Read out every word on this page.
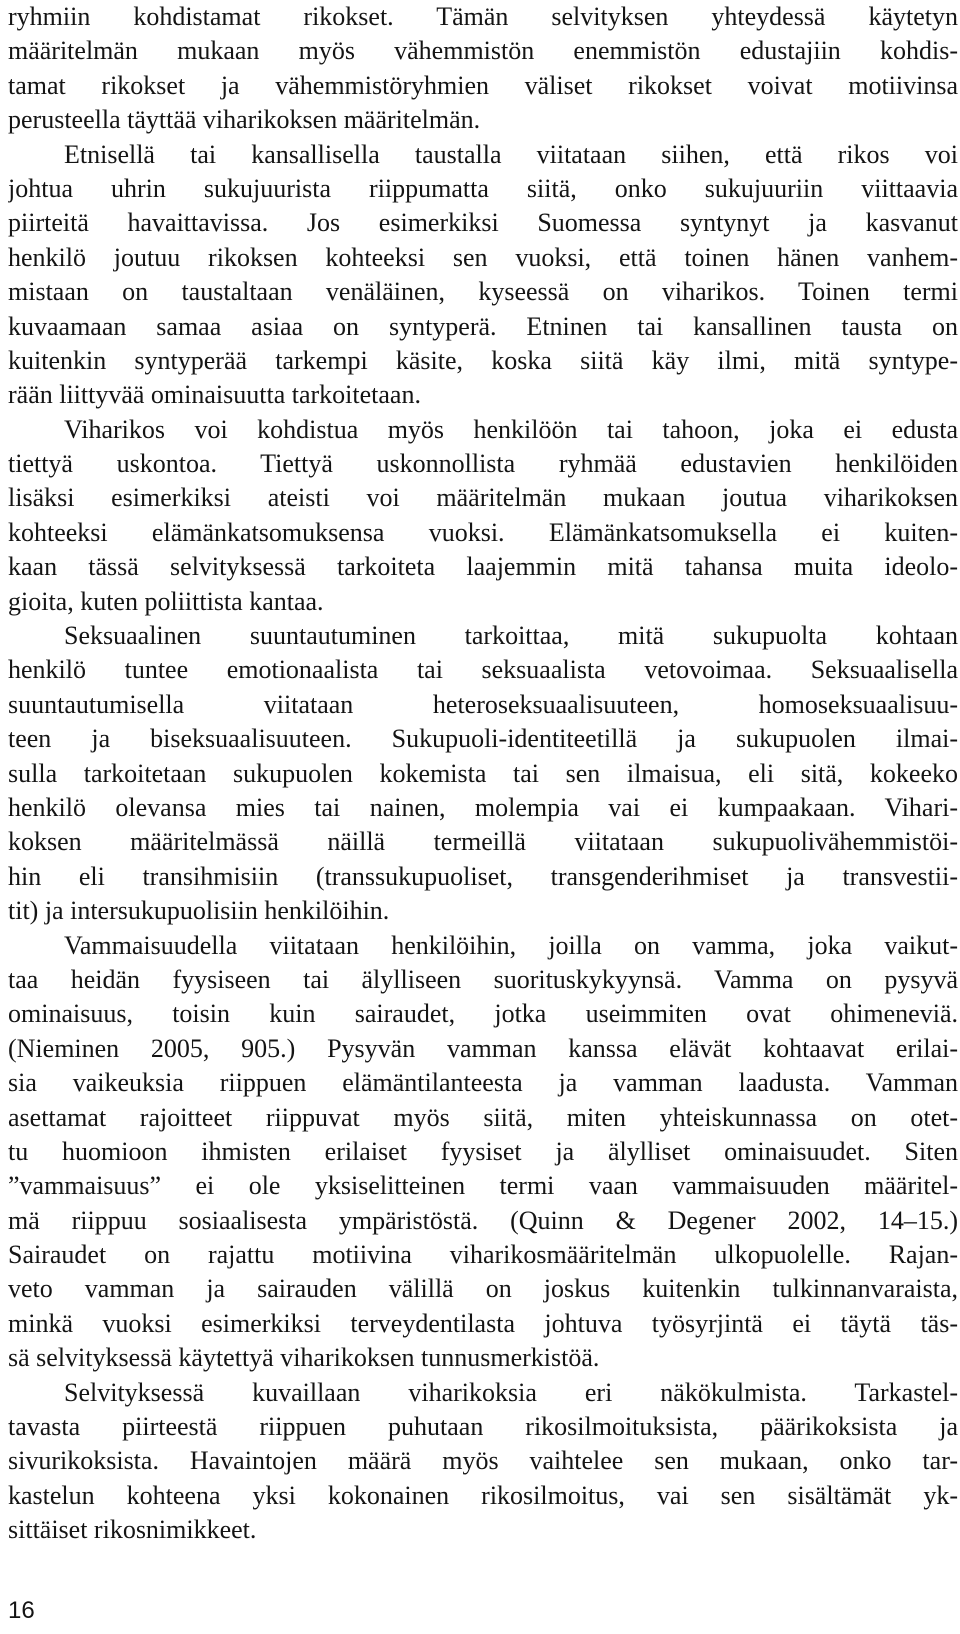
ryhmiin kohdistamat rikokset. Tämän selvityksen yhteydessä käytetyn
määritelmän mukaan myös vähemmistön enemmistön edustajiin kohdis-
tamat rikokset ja vähemmistöryhmien väliset rikokset voivat motiivinsa
perusteella täyttää viharikoksen määritelmän.
Etnisellä tai kansallisella taustalla viitataan siihen, että rikos voi
johtua uhrin sukujuurista riippumatta siitä, onko sukujuuriin viittaavia
piirteitä havaittavissa. Jos esimerkiksi Suomessa syntynyt ja kasvanut
henkilö joutuu rikoksen kohteeksi sen vuoksi, että toinen hänen vanhem-
mistaan on taustaltaan venäläinen, kyseessä on viharikos. Toinen termi
kuvaamaan samaa asiaa on syntyperä. Etninen tai kansallinen tausta on
kuitenkin syntyperää tarkempi käsite, koska siitä käy ilmi, mitä syntype-
rään liittyvää ominaisuutta tarkoitetaan.
Viharikos voi kohdistua myös henkilöön tai tahoon, joka ei edusta
tiettyä uskontoa. Tiettyä uskonnollista ryhmää edustavien henkilöiden
lisäksi esimerkiksi ateisti voi määritelmän mukaan joutua viharikoksen
kohteeksi elämänkatsomuksensa vuoksi. Elämänkatsomuksella ei kuiten-
kaan tässä selvityksessä tarkoiteta laajemmin mitä tahansa muita ideolo-
gioita, kuten poliittista kantaa.
Seksuaalinen suuntautuminen tarkoittaa, mitä sukupuolta kohtaan
henkilö tuntee emotionaalista tai seksuaalista vetovoimaa. Seksuaalisella
suuntautumisella viitataan heteroseksuaalisuuteen, homoseksuaalisuu-
teen ja biseksuaalisuuteen. Sukupuoli-identiteetillä ja sukupuolen ilmai-
sulla tarkoitetaan sukupuolen kokemista tai sen ilmaisua, eli sitä, kokeeko
henkilö olevansa mies tai nainen, molempia vai ei kumpaakaan. Vihari-
koksen määritelmässä näillä termeillä viitataan sukupuolivähemmistöi-
hin eli transihmisiin (transsukupuoliset, transgenderihmiset ja transvestii-
tit) ja intersukupuolisiin henkilöihin.
Vammaisuudella viitataan henkilöihin, joilla on vamma, joka vaikut-
taa heidän fyysiseen tai älylliseen suorituskykyynsä. Vamma on pysyvä
ominaisuus, toisin kuin sairaudet, jotka useimmiten ovat ohimeneviä.
(Nieminen 2005, 905.) Pysyvän vamman kanssa elävät kohtaavat erilai-
sia vaikeuksia riippuen elämäntilanteesta ja vamman laadusta. Vamman
asettamat rajoitteet riippuvat myös siitä, miten yhteiskunnassa on otet-
tu huomioon ihmisten erilaiset fyysiset ja älylliset ominaisuudet. Siten
”vammaisuus” ei ole yksiselitteinen termi vaan vammaisuuden määritel-
mä riippuu sosiaalisesta ympäristöstä. (Quinn & Degener 2002, 14–15.)
Sairaudet on rajattu motiivina viharikosmääritelmän ulkopuolelle. Rajan-
veto vamman ja sairauden välillä on joskus kuitenkin tulkinnanvaraista,
minkä vuoksi esimerkiksi terveydentilasta johtuva työsyrjintä ei täytä täs-
sä selvityksessä käytettyä viharikoksen tunnusmerkistöä.
Selvityksessä kuvaillaan viharikoksia eri näkökulmista. Tarkastel-
tavasta piirteestä riippuen puhutaan rikosilmoituksista, päärikoksista ja
sivurikoksista. Havaintojen määrä myös vaihtelee sen mukaan, onko tar-
kastelun kohteena yksi kokonainen rikosilmoitus, vai sen sisältämät yk-
sittäiset rikosnimikkeet.
16
